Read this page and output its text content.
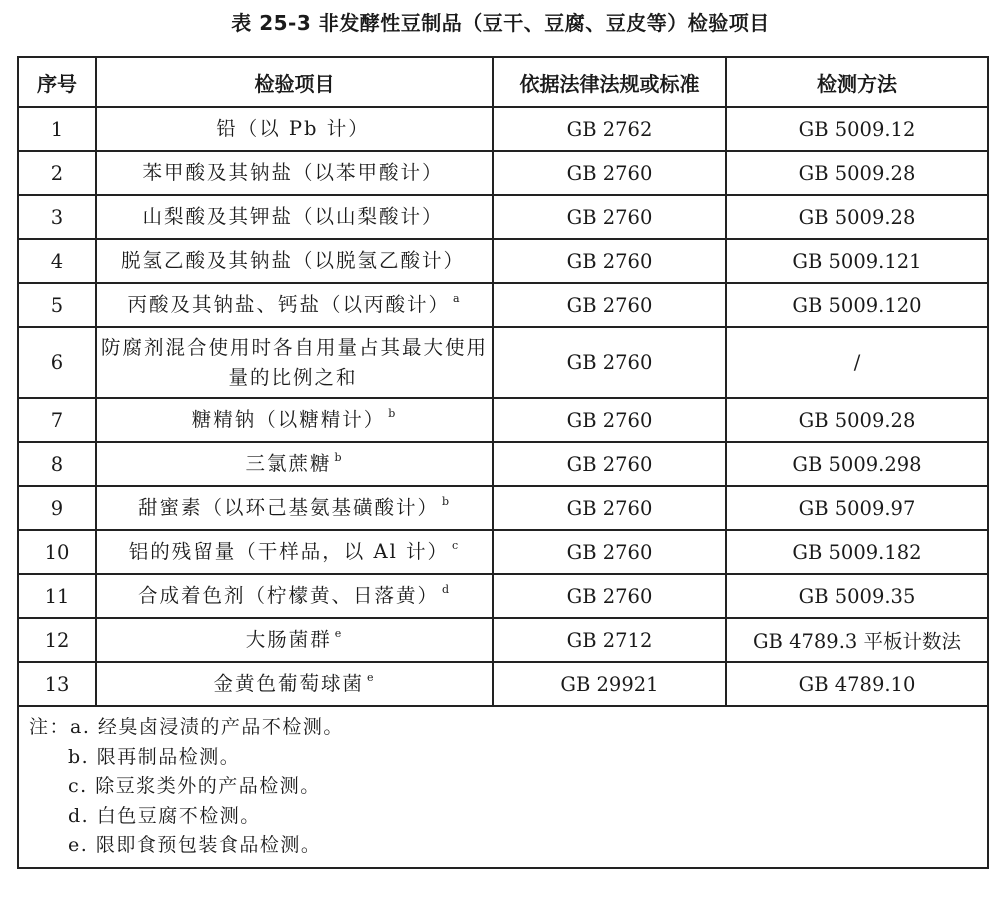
表 25-3 非发酵性豆制品（豆干、豆腐、豆皮等）检验项目
序号	检验项目	依据法律法规或标准	检测方法
1	铅（以 Pb 计）	GB 2762	GB 5009.12
2	苯甲酸及其钠盐（以苯甲酸计）	GB 2760	GB 5009.28
3	山梨酸及其钾盐（以山梨酸计）	GB 2760	GB 5009.28
4	脱氢乙酸及其钠盐（以脱氢乙酸计）	GB 2760	GB 5009.121
5	丙酸及其钠盐、钙盐（以丙酸计） $^a$	GB 2760	GB 5009.120
6	防腐剂混合使用时各自用量占其最大使用量的比例之和	GB 2760	/
7	糖精钠（以糖精计） $^b$	GB 2760	GB 5009.28
8	三氯蔗糖 $^b$	GB 2760	GB 5009.298
9	甜蜜素（以环己基氨基磺酸计） $^b$	GB 2760	GB 5009.97
10	铝的残留量（干样品，以 Al 计） $^c$	GB 2760	GB 5009.182
11	合成着色剂（柠檬黄、日落黄） $^d$	GB 2760	GB 5009.35
12	大肠菌群 $^e$	GB 2712	GB 4789.3 平板计数法
13	金黄色葡萄球菌 $^e$	GB 29921	GB 4789.10

注：a. 经臭卤浸渍的产品不检测。
b. 限再制品检测。
c. 除豆浆类外的产品检测。
d. 白色豆腐不检测。
e. 限即食预包装食品检测。			
